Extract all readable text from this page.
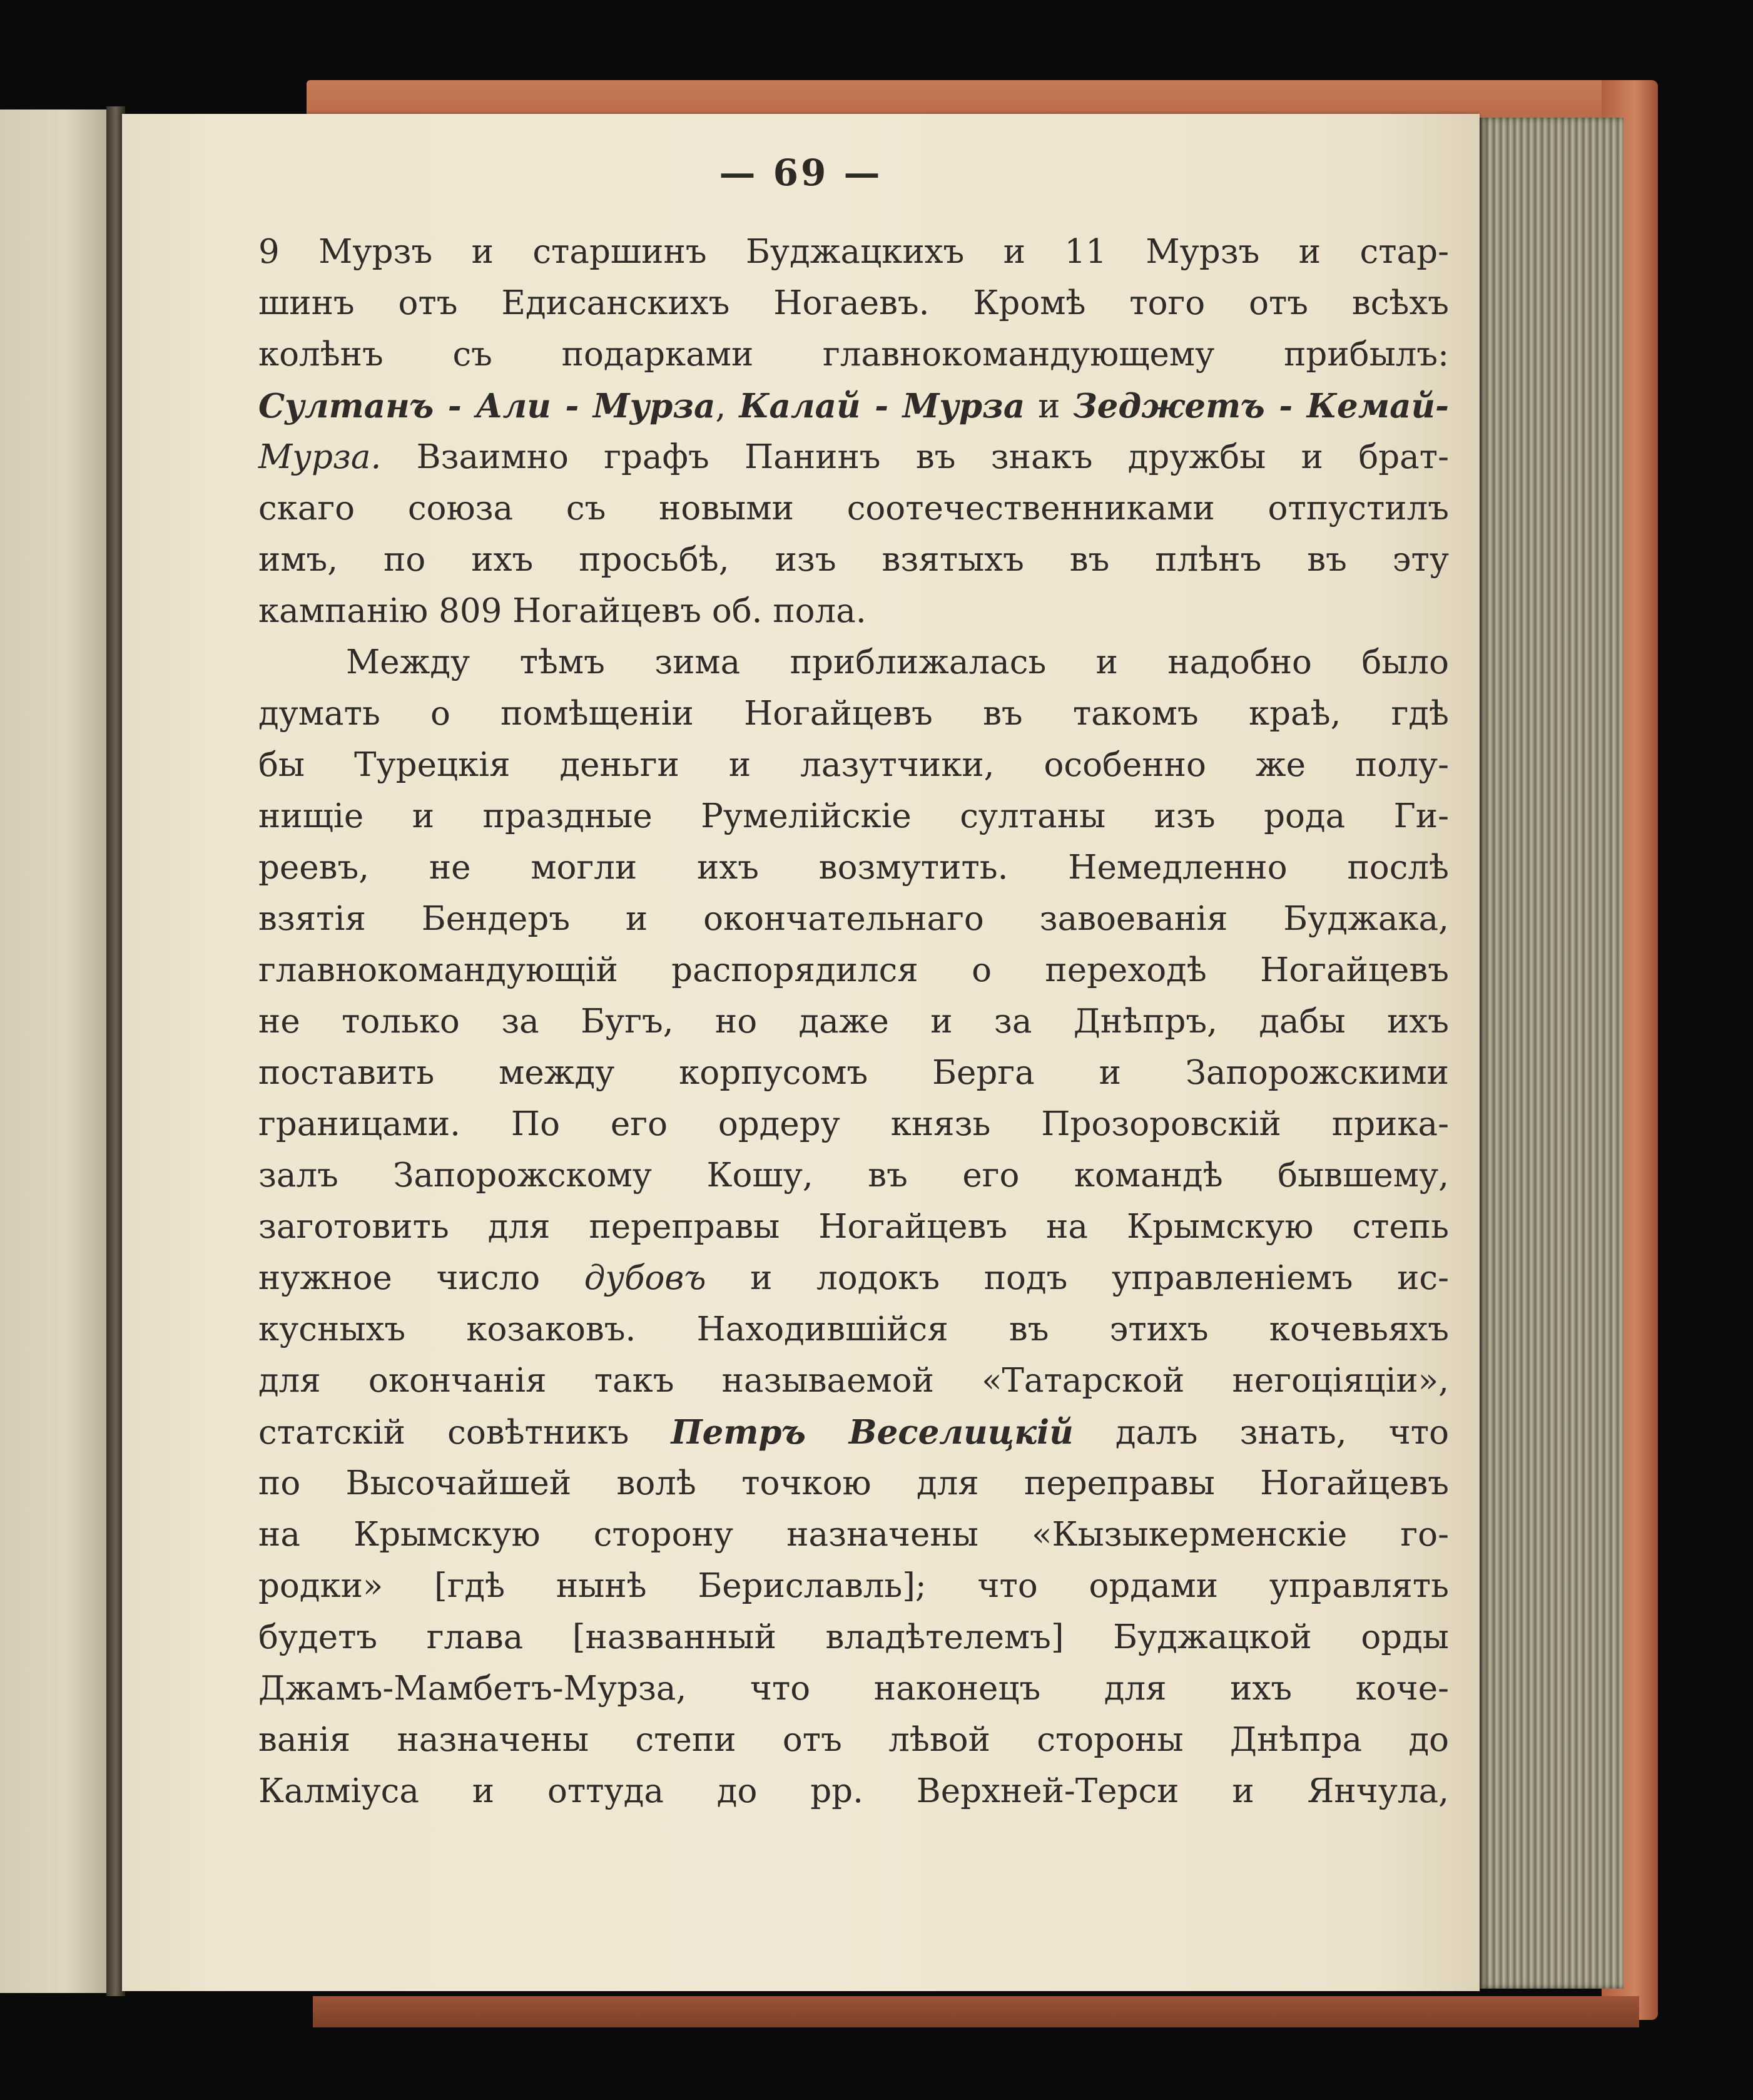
— 69 —
9 Мурзъ и старшинъ Буджацкихъ и 11 Мурзъ и стар-
шинъ отъ Едисанскихъ Ногаевъ. Кромѣ того отъ всѣхъ
колѣнъ съ подарками главнокомандующему прибылъ:
Султанъ - Али - Мурза, Калай - Мурза и Зеджетъ - Кемай-
Мурза. Взаимно графъ Панинъ въ знакъ дружбы и брат-
скаго союза съ новыми соотечественниками отпустилъ
имъ, по ихъ просьбѣ, изъ взятыхъ въ плѣнъ въ эту
кампанію 809 Ногайцевъ об. пола.
Между тѣмъ зима приближалась и надобно было
думать о помѣщеніи Ногайцевъ въ такомъ краѣ, гдѣ
бы Турецкія деньги и лазутчики, особенно же полу-
нищіе и праздные Румелійскіе султаны изъ рода Ги-
реевъ, не могли ихъ возмутить. Немедленно послѣ
взятія Бендеръ и окончательнаго завоеванія Буджака,
главнокомандующій распорядился о переходѣ Ногайцевъ
не только за Бугъ, но даже и за Днѣпръ, дабы ихъ
поставить между корпусомъ Берга и Запорожскими
границами. По его ордеру князь Прозоровскій прика-
залъ Запорожскому Кошу, въ его командѣ бывшему,
заготовить для переправы Ногайцевъ на Крымскую степь
нужное число дубовъ и лодокъ подъ управленіемъ ис-
кусныхъ козаковъ. Находившійся въ этихъ кочевьяхъ
для окончанія такъ называемой «Татарской негоціяціи»,
статскій совѣтникъ Петръ Веселицкій далъ знать, что
по Высочайшей волѣ точкою для переправы Ногайцевъ
на Крымскую сторону назначены «Кызыкерменскіе го-
родки» [гдѣ нынѣ Бериславль]; что ордами управлять
будетъ глава [названный владѣтелемъ] Буджацкой орды
Джамъ-Мамбетъ-Мурза, что наконецъ для ихъ коче-
ванія назначены степи отъ лѣвой стороны Днѣпра до
Калміуса и оттуда до рр. Верхней-Терси и Янчула,
